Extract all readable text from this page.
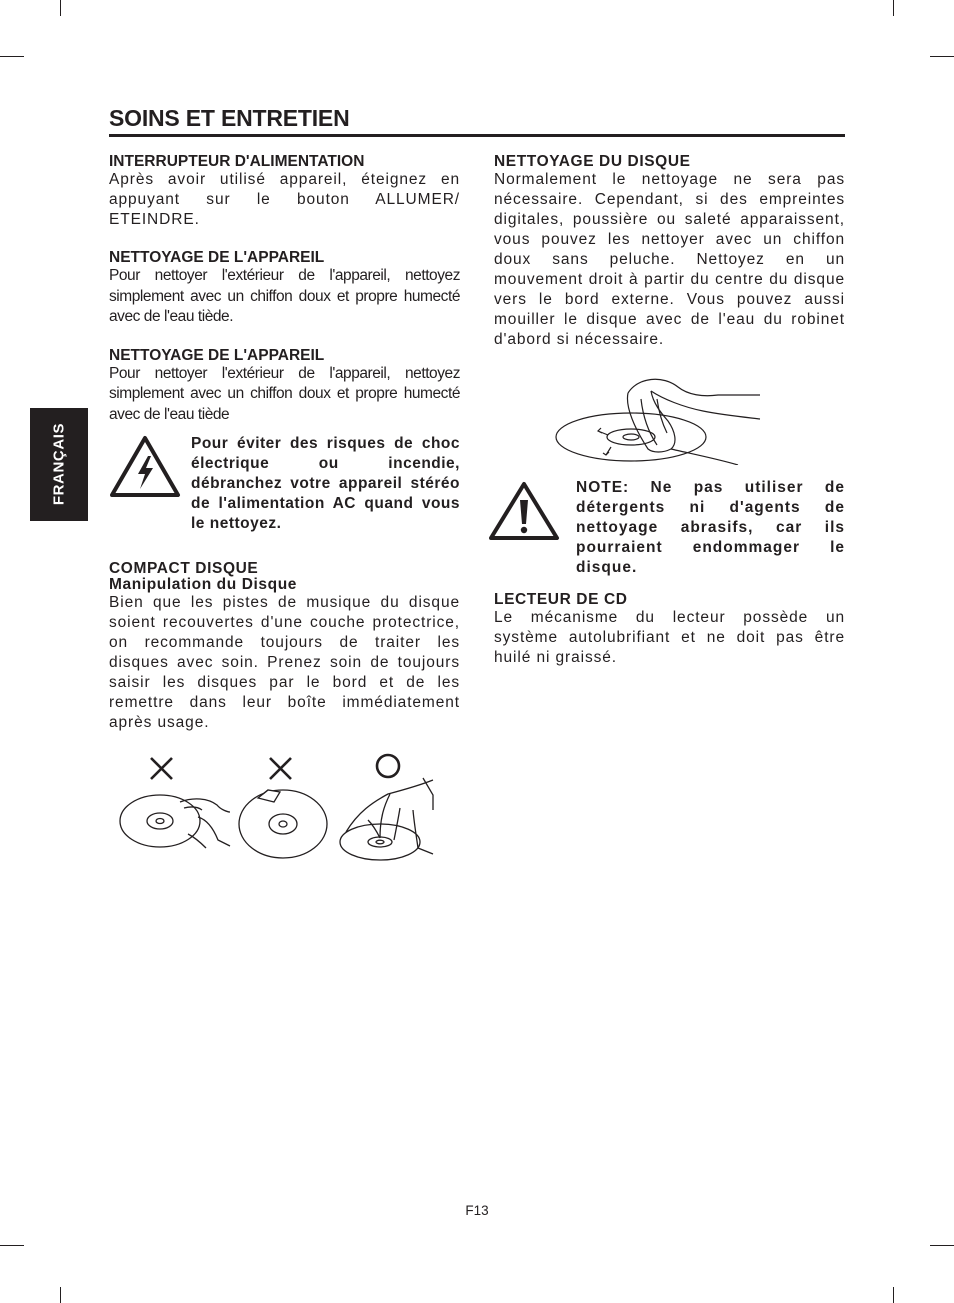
SOINS ET ENTRETIEN
FRANÇAIS

INTERRUPTEUR D'ALIMENTATION

Après avoir utilisé appareil, éteignez en appuyant sur le bouton ALLUMER/ ETEINDRE.

NETTOYAGE DE L'APPAREIL

Pour nettoyer l'extérieur de l'appareil, nettoyez simplement avec un chiffon doux et propre humecté avec de l'eau tiède.

NETTOYAGE DE L'APPAREIL

Pour nettoyer l'extérieur de l'appareil, nettoyez simplement avec un chiffon doux et propre humecté avec de l'eau tiède

Pour éviter des risques de choc électrique ou incendie, débranchez votre appareil stéréo de l'alimentation AC quand vous le nettoyez.

COMPACT DISQUE

Manipulation du Disque

Bien que les pistes de musique du disque soient recouvertes d'une couche protectrice, on recommande toujours de traiter les disques avec soin. Prenez soin de toujours saisir les disques par le bord et de les remettre dans leur boîte immédiatement après usage.

NETTOYAGE DU DISQUE

Normalement le nettoyage ne sera pas nécessaire. Cependant, si des empreintes digitales, poussière ou saleté apparaissent, vous pouvez les nettoyer avec un chiffon doux sans peluche. Nettoyez en un mouvement droit à partir du centre du disque vers le bord externe. Vous pouvez aussi mouiller le disque avec de l'eau du robinet d'abord si nécessaire.

NOTE: Ne pas utiliser de détergents ni d'agents de nettoyage abrasifs, car ils pourraient endommager le disque.

LECTEUR DE CD

Le mécanisme du lecteur possède un système autolubrifiant et ne doit pas être huilé ni graissé.

F13
